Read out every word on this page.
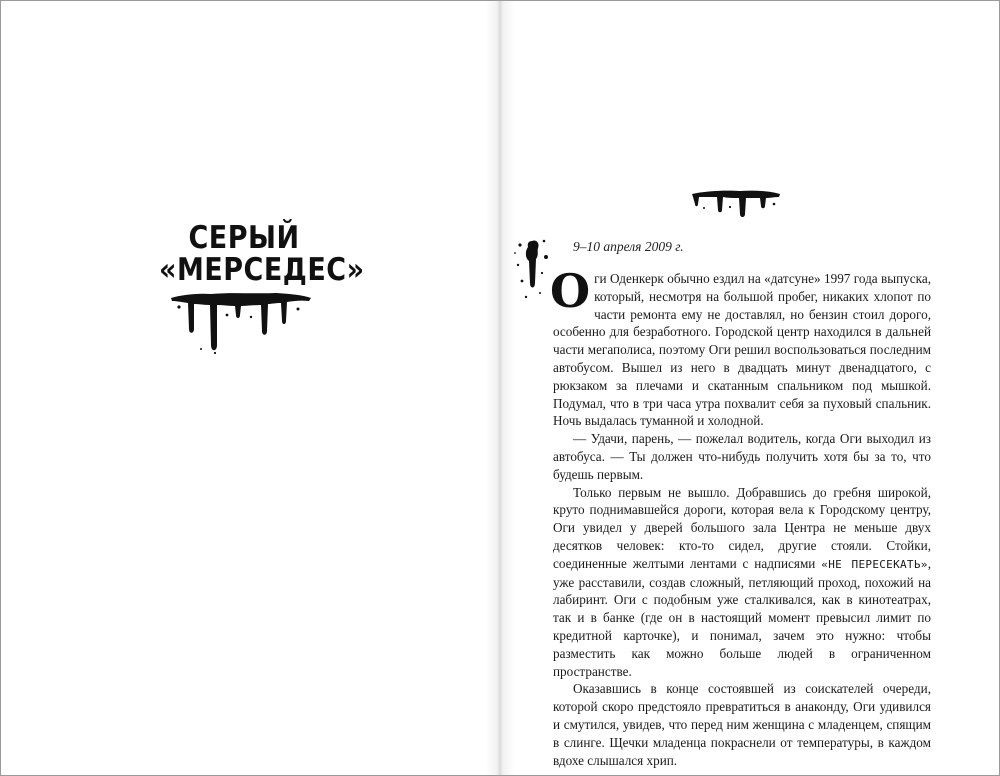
СЕРЫЙ
«МЕРСЕДЕС»
9–10 апреля 2009 г.

Оги Оденкерк обычно ездил на «датсуне» 1997 года выпуска, который, несмотря на большой пробег, никаких хлопот по части ремонта ему не доставлял, но бензин стоил дорого, особенно для безработного. Городской центр находился в дальней части мегаполиса, поэтому Оги решил воспользоваться последним автобусом. Вышел из него в двадцать минут двенадцатого, с рюкзаком за плечами и скатанным спальником под мышкой. Подумал, что в три часа утра похвалит себя за пуховый спальник. Ночь выдалась туманной и холодной.

— Удачи, парень, — пожелал водитель, когда Оги выходил из автобуса. — Ты должен что-нибудь получить хотя бы за то, что будешь первым.

Только первым не вышло. Добравшись до гребня широкой, круто поднимавшейся дороги, которая вела к Городскому центру, Оги увидел у дверей большого зала Центра не меньше двух десятков человек: кто-то сидел, другие стояли. Стойки, соединенные желтыми лентами с надписями «НЕ ПЕРЕСЕКАТЬ», уже расставили, создав сложный, петляющий проход, похожий на лабиринт. Оги с подобным уже сталкивался, как в кинотеатрах, так и в банке (где он в настоящий момент превысил лимит по кредитной карточке), и понимал, зачем это нужно: чтобы разместить как можно больше людей в ограниченном пространстве.

Оказавшись в конце состоявшей из соискателей очереди, которой скоро предстояло превратиться в анаконду, Оги удивился и смутился, увидев, что перед ним женщина с младенцем, спящим в слинге. Щечки младенца покраснели от температуры, в каждом вдохе слышался хрип.
